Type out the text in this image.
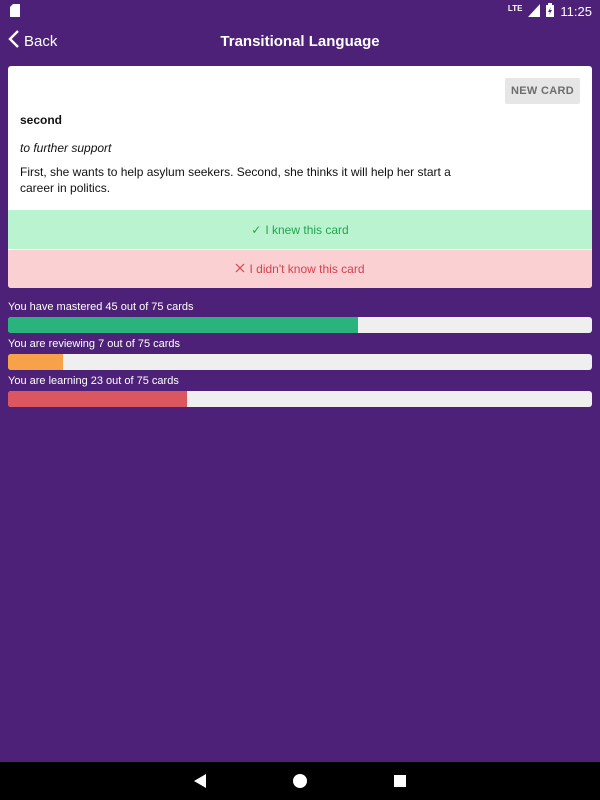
LTE	11:25
Back	Transitional Language
NEW CARD
second
to further support
First, she wants to help asylum seekers. Second, she thinks it will help her start a career in politics.
✓ I knew this card
I didn't know this card
You have mastered 45 out of 75 cards
You are reviewing 7 out of 75 cards
You are learning 23 out of 75 cards
